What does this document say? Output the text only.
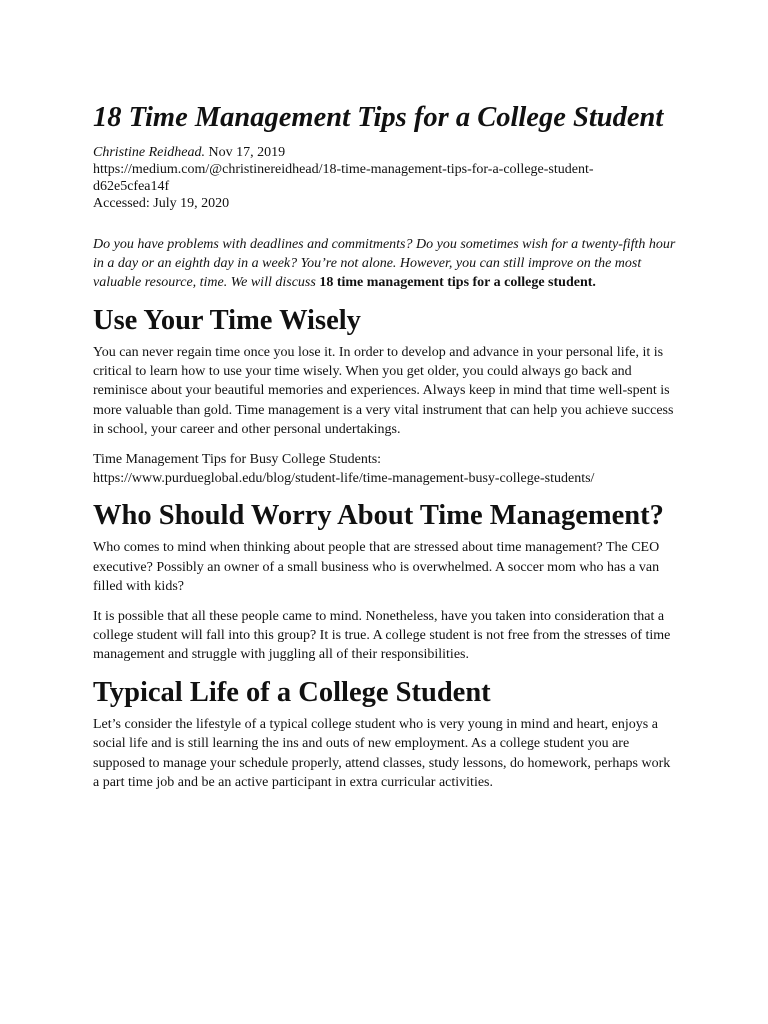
18 Time Management Tips for a College Student
Christine Reidhead. Nov 17, 2019
https://medium.com/@christinereidhead/18-time-management-tips-for-a-college-student-
d62e5cfea14f
Accessed: July 19, 2020

Do you have problems with deadlines and commitments? Do you sometimes wish for a twenty-fifth hour in a day or an eighth day in a week? You’re not alone. However, you can still improve on the most valuable resource, time. We will discuss 18 time management tips for a college student.

Use Your Time Wisely

You can never regain time once you lose it. In order to develop and advance in your personal life, it is critical to learn how to use your time wisely. When you get older, you could always go back and reminisce about your beautiful memories and experiences. Always keep in mind that time well-spent is more valuable than gold. Time management is a very vital instrument that can help you achieve success in school, your career and other personal undertakings.

Time Management Tips for Busy College Students:
https://www.purdueglobal.edu/blog/student-life/time-management-busy-college-students/

Who Should Worry About Time Management?

Who comes to mind when thinking about people that are stressed about time management? The CEO executive? Possibly an owner of a small business who is overwhelmed. A soccer mom who has a van filled with kids?

It is possible that all these people came to mind. Nonetheless, have you taken into consideration that a college student will fall into this group? It is true. A college student is not free from the stresses of time management and struggle with juggling all of their responsibilities.

Typical Life of a College Student

Let’s consider the lifestyle of a typical college student who is very young in mind and heart, enjoys a social life and is still learning the ins and outs of new employment. As a college student you are supposed to manage your schedule properly, attend classes, study lessons, do homework, perhaps work a part time job and be an active participant in extra curricular activities.
